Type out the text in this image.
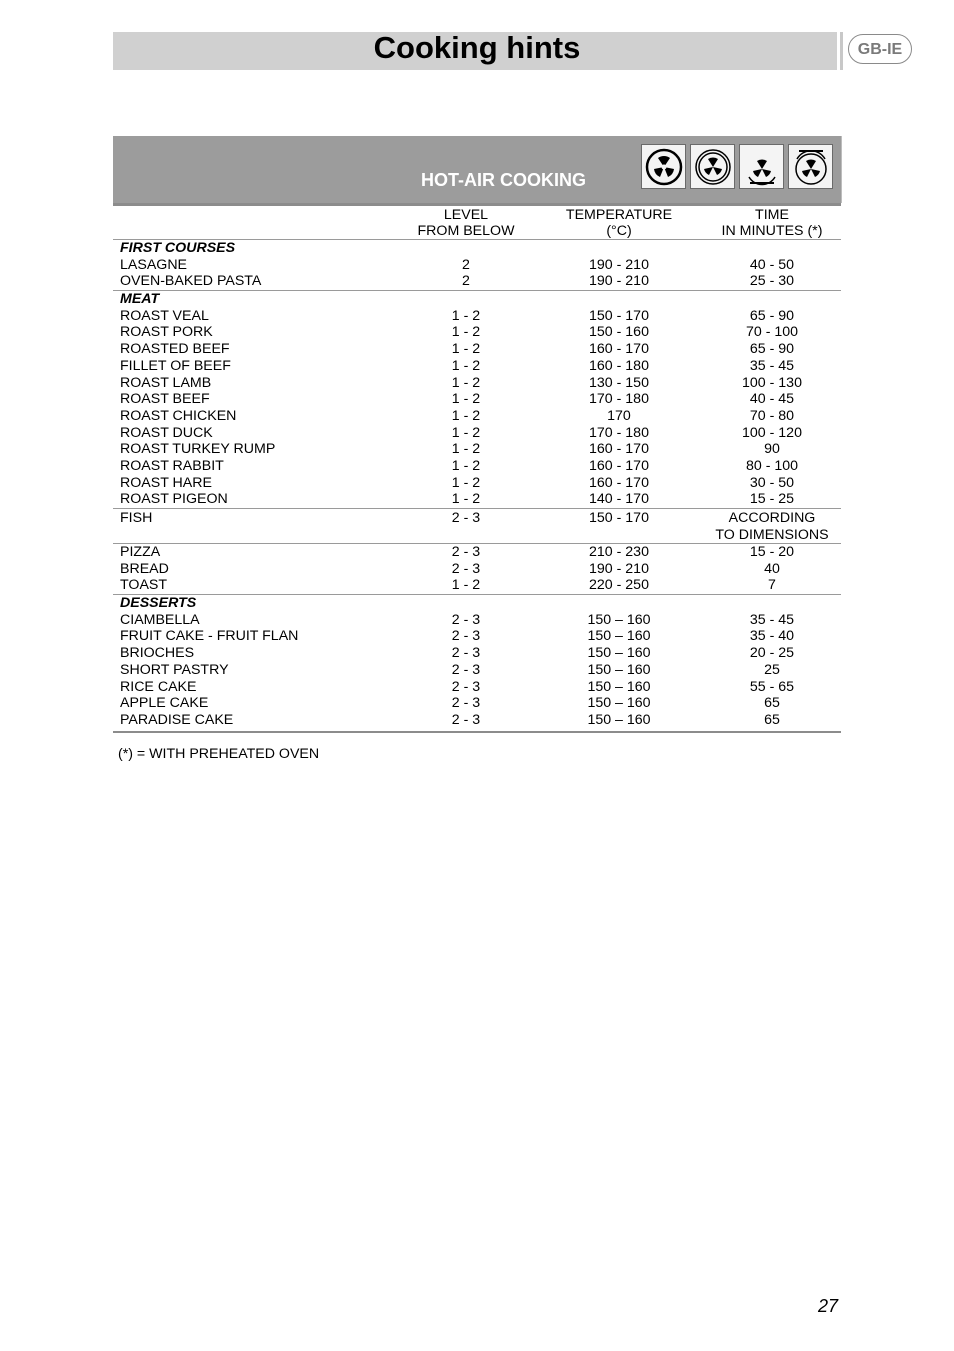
Cooking hints	GB-IE
HOT-AIR COOKING
LEVEL
FROM BELOW
TEMPERATURE
(°C)
TIME
IN MINUTES (*)
FIRST COURSES
LASAGNE	2	190 - 210	40 - 50
OVEN-BAKED PASTA	2	190 - 210	25 - 30
MEAT
ROAST VEAL	1 - 2	150 - 170	65 - 90
ROAST PORK	1 - 2	150 - 160	70 - 100
ROASTED BEEF	1 - 2	160 - 170	65 - 90
FILLET OF BEEF	1 - 2	160 - 180	35 - 45
ROAST LAMB	1 - 2	130 - 150	100 - 130
ROAST BEEF	1 - 2	170 - 180	40 - 45
ROAST CHICKEN	1 - 2	170	70 - 80
ROAST DUCK	1 - 2	170 - 180	100 - 120
ROAST TURKEY RUMP	1 - 2	160 - 170	90
ROAST RABBIT	1 - 2	160 - 170	80 - 100
ROAST HARE	1 - 2	160 - 170	30 - 50
ROAST PIGEON	1 - 2	140 - 170	15 - 25
FISH	2 - 3	150 - 170	ACCORDING
TO DIMENSIONS
PIZZA	2 - 3	210 - 230	15 - 20
BREAD	2 - 3	190 - 210	40
TOAST	1 - 2	220 - 250	7
DESSERTS
CIAMBELLA	2 - 3	150 – 160	35 - 45
FRUIT CAKE - FRUIT FLAN	2 - 3	150 – 160	35 - 40
BRIOCHES	2 - 3	150 – 160	20 - 25
SHORT PASTRY	2 - 3	150 – 160	25
RICE CAKE	2 - 3	150 – 160	55 - 65
APPLE CAKE	2 - 3	150 – 160	65
PARADISE CAKE	2 - 3	150 – 160	65
(*) = WITH PREHEATED OVEN
27
